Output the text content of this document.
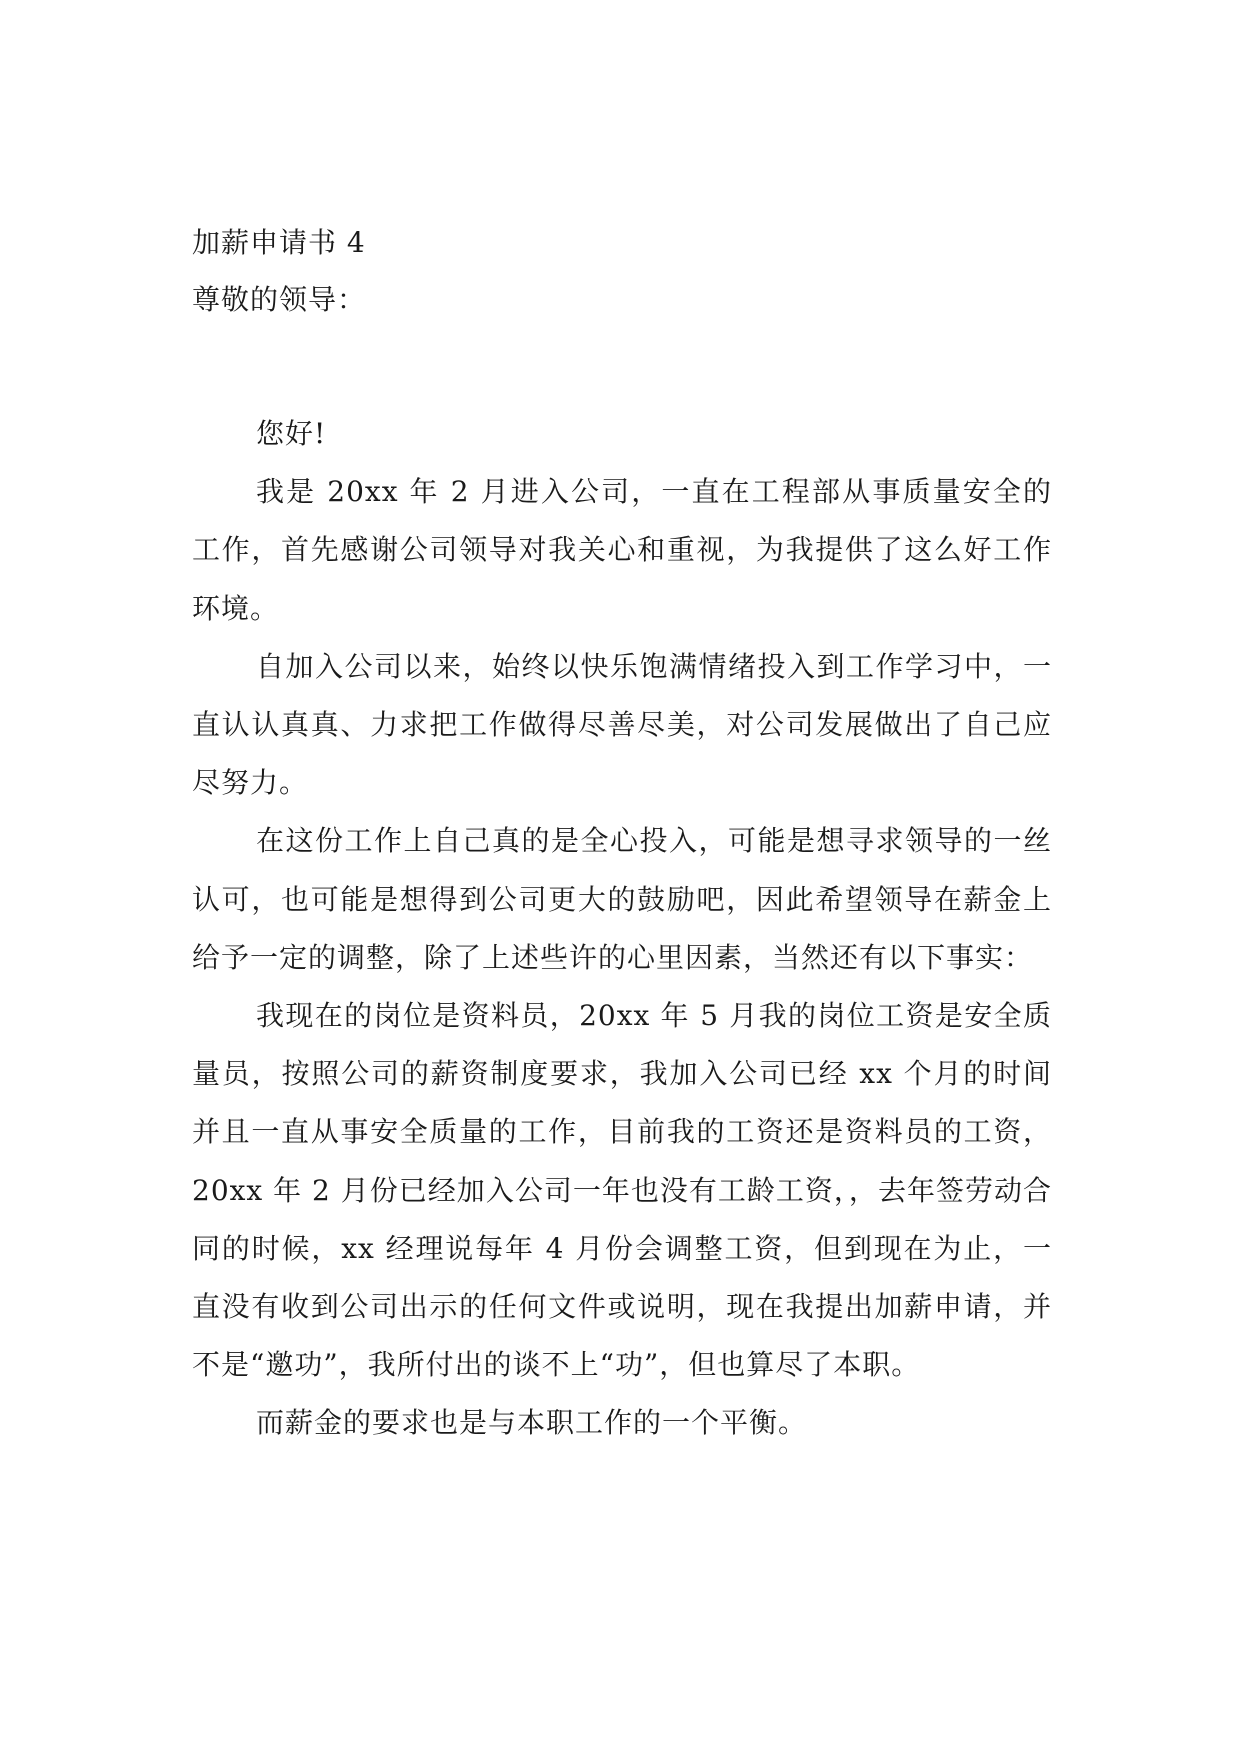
加薪申请书 4

尊敬的领导：

您好!

我是 20xx 年 2 月进入公司，一直在工程部从事质量安全的工作，首先感谢公司领导对我关心和重视，为我提供了这么好工作环境。

自加入公司以来，始终以快乐饱满情绪投入到工作学习中，一直认认真真、力求把工作做得尽善尽美，对公司发展做出了自己应尽努力。

在这份工作上自己真的是全心投入，可能是想寻求领导的一丝认可，也可能是想得到公司更大的鼓励吧，因此希望领导在薪金上给予一定的调整，除了上述些许的心里因素，当然还有以下事实：

我现在的岗位是资料员，20xx 年 5 月我的岗位工资是安全质量员，按照公司的薪资制度要求，我加入公司已经 xx 个月的时间并且一直从事安全质量的工作，目前我的工资还是资料员的工资，20xx 年 2 月份已经加入公司一年也没有工龄工资，，去年签劳动合同的时候，xx 经理说每年 4 月份会调整工资，但到现在为止，一直没有收到公司出示的任何文件或说明，现在我提出加薪申请，并不是“邀功”，我所付出的谈不上“功”，但也算尽了本职。

而薪金的要求也是与本职工作的一个平衡。
